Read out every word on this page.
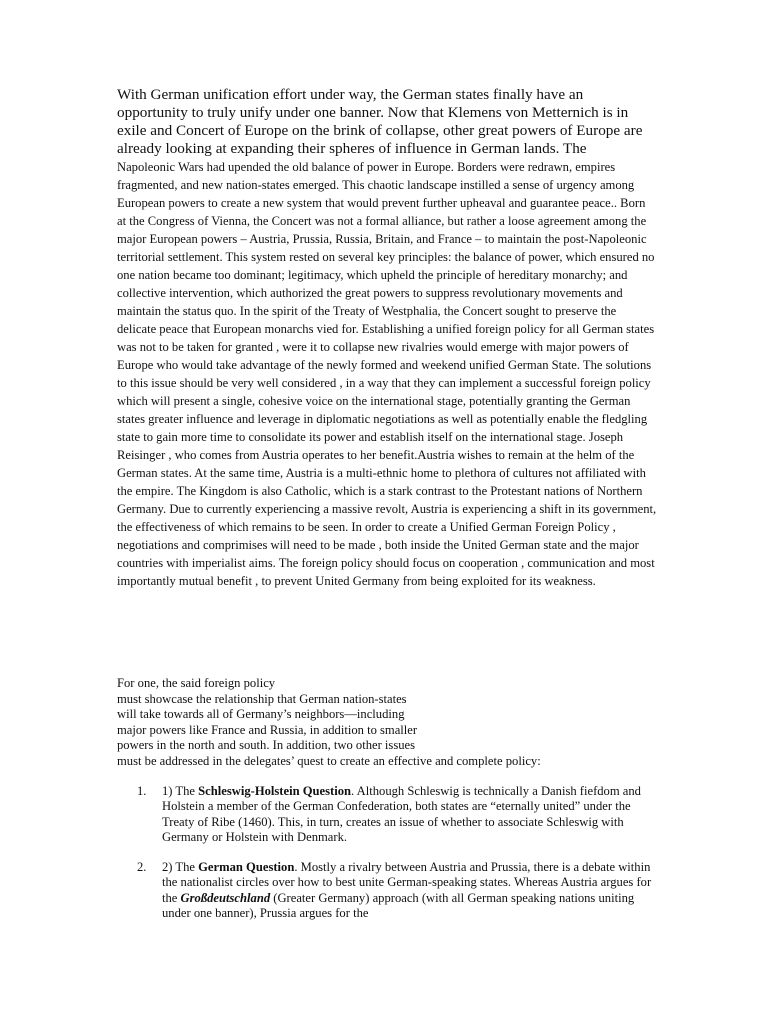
With German unification effort under way, the German states finally have an opportunity to truly unify under one banner. Now that Klemens von Metternich is in exile and Concert of Europe on the brink of collapse, other great powers of Europe are already looking at expanding their spheres of influence in German lands. The
Napoleonic Wars had upended the old balance of power in Europe. Borders were redrawn, empires fragmented, and new nation-states emerged. This chaotic landscape instilled a sense of urgency among European powers to create a new system that would prevent further upheaval and guarantee peace.. Born at the Congress of Vienna, the Concert was not a formal alliance, but rather a loose agreement among the major European powers – Austria, Prussia, Russia, Britain, and France – to maintain the post-Napoleonic territorial settlement. This system rested on several key principles: the balance of power, which ensured no one nation became too dominant; legitimacy, which upheld the principle of hereditary monarchy; and collective intervention, which authorized the great powers to suppress revolutionary movements and maintain the status quo. In the spirit of the Treaty of Westphalia, the Concert sought to preserve the delicate peace that European monarchs vied for. Establishing a unified foreign policy for all German states was not to be taken for granted , were it to collapse new rivalries would emerge with major powers of Europe who would take advantage of the newly formed and weekend unified German State. The solutions to this issue should be very well considered , in a way that they can implement a successful foreign policy which will present a single, cohesive voice on the international stage, potentially granting the German states greater influence and leverage in diplomatic negotiations as well as potentially enable the fledgling state to gain more time to consolidate its power and establish itself on the international stage. Joseph Reisinger , who comes from Austria operates to her benefit.Austria wishes to remain at the helm of the German states. At the same time, Austria is a multi-ethnic home to plethora of cultures not affiliated with the empire. The Kingdom is also Catholic, which is a stark contrast to the Protestant nations of Northern Germany. Due to currently experiencing a massive revolt, Austria is experiencing a shift in its government, the effectiveness of which remains to be seen. In order to create a Unified German Foreign Policy , negotiations and comprimises will need to be made , both inside the United German state and the major countries with imperialist aims. The foreign policy should focus on cooperation , communication and most importantly mutual benefit , to prevent United Germany from being exploited for its weakness.

For one, the said foreign policy
must showcase the relationship that German nation-states
will take towards all of Germany’s neighbors—including
major powers like France and Russia, in addition to smaller
powers in the north and south. In addition, two other issues
must be addressed in the delegates’ quest to create an effective and complete policy:

1. 1) The Schleswig-Holstein Question. Although Schleswig is technically a Danish fiefdom and Holstein a member of the German Confederation, both states are “eternally united” under the Treaty of Ribe (1460). This, in turn, creates an issue of whether to associate Schleswig with Germany or Holstein with Denmark.
2. 2) The German Question. Mostly a rivalry between Austria and Prussia, there is a debate within the nationalist circles over how to best unite German-speaking states. Whereas Austria argues for the Großdeutschland (Greater Germany) approach (with all German speaking nations uniting under one banner), Prussia argues for the
